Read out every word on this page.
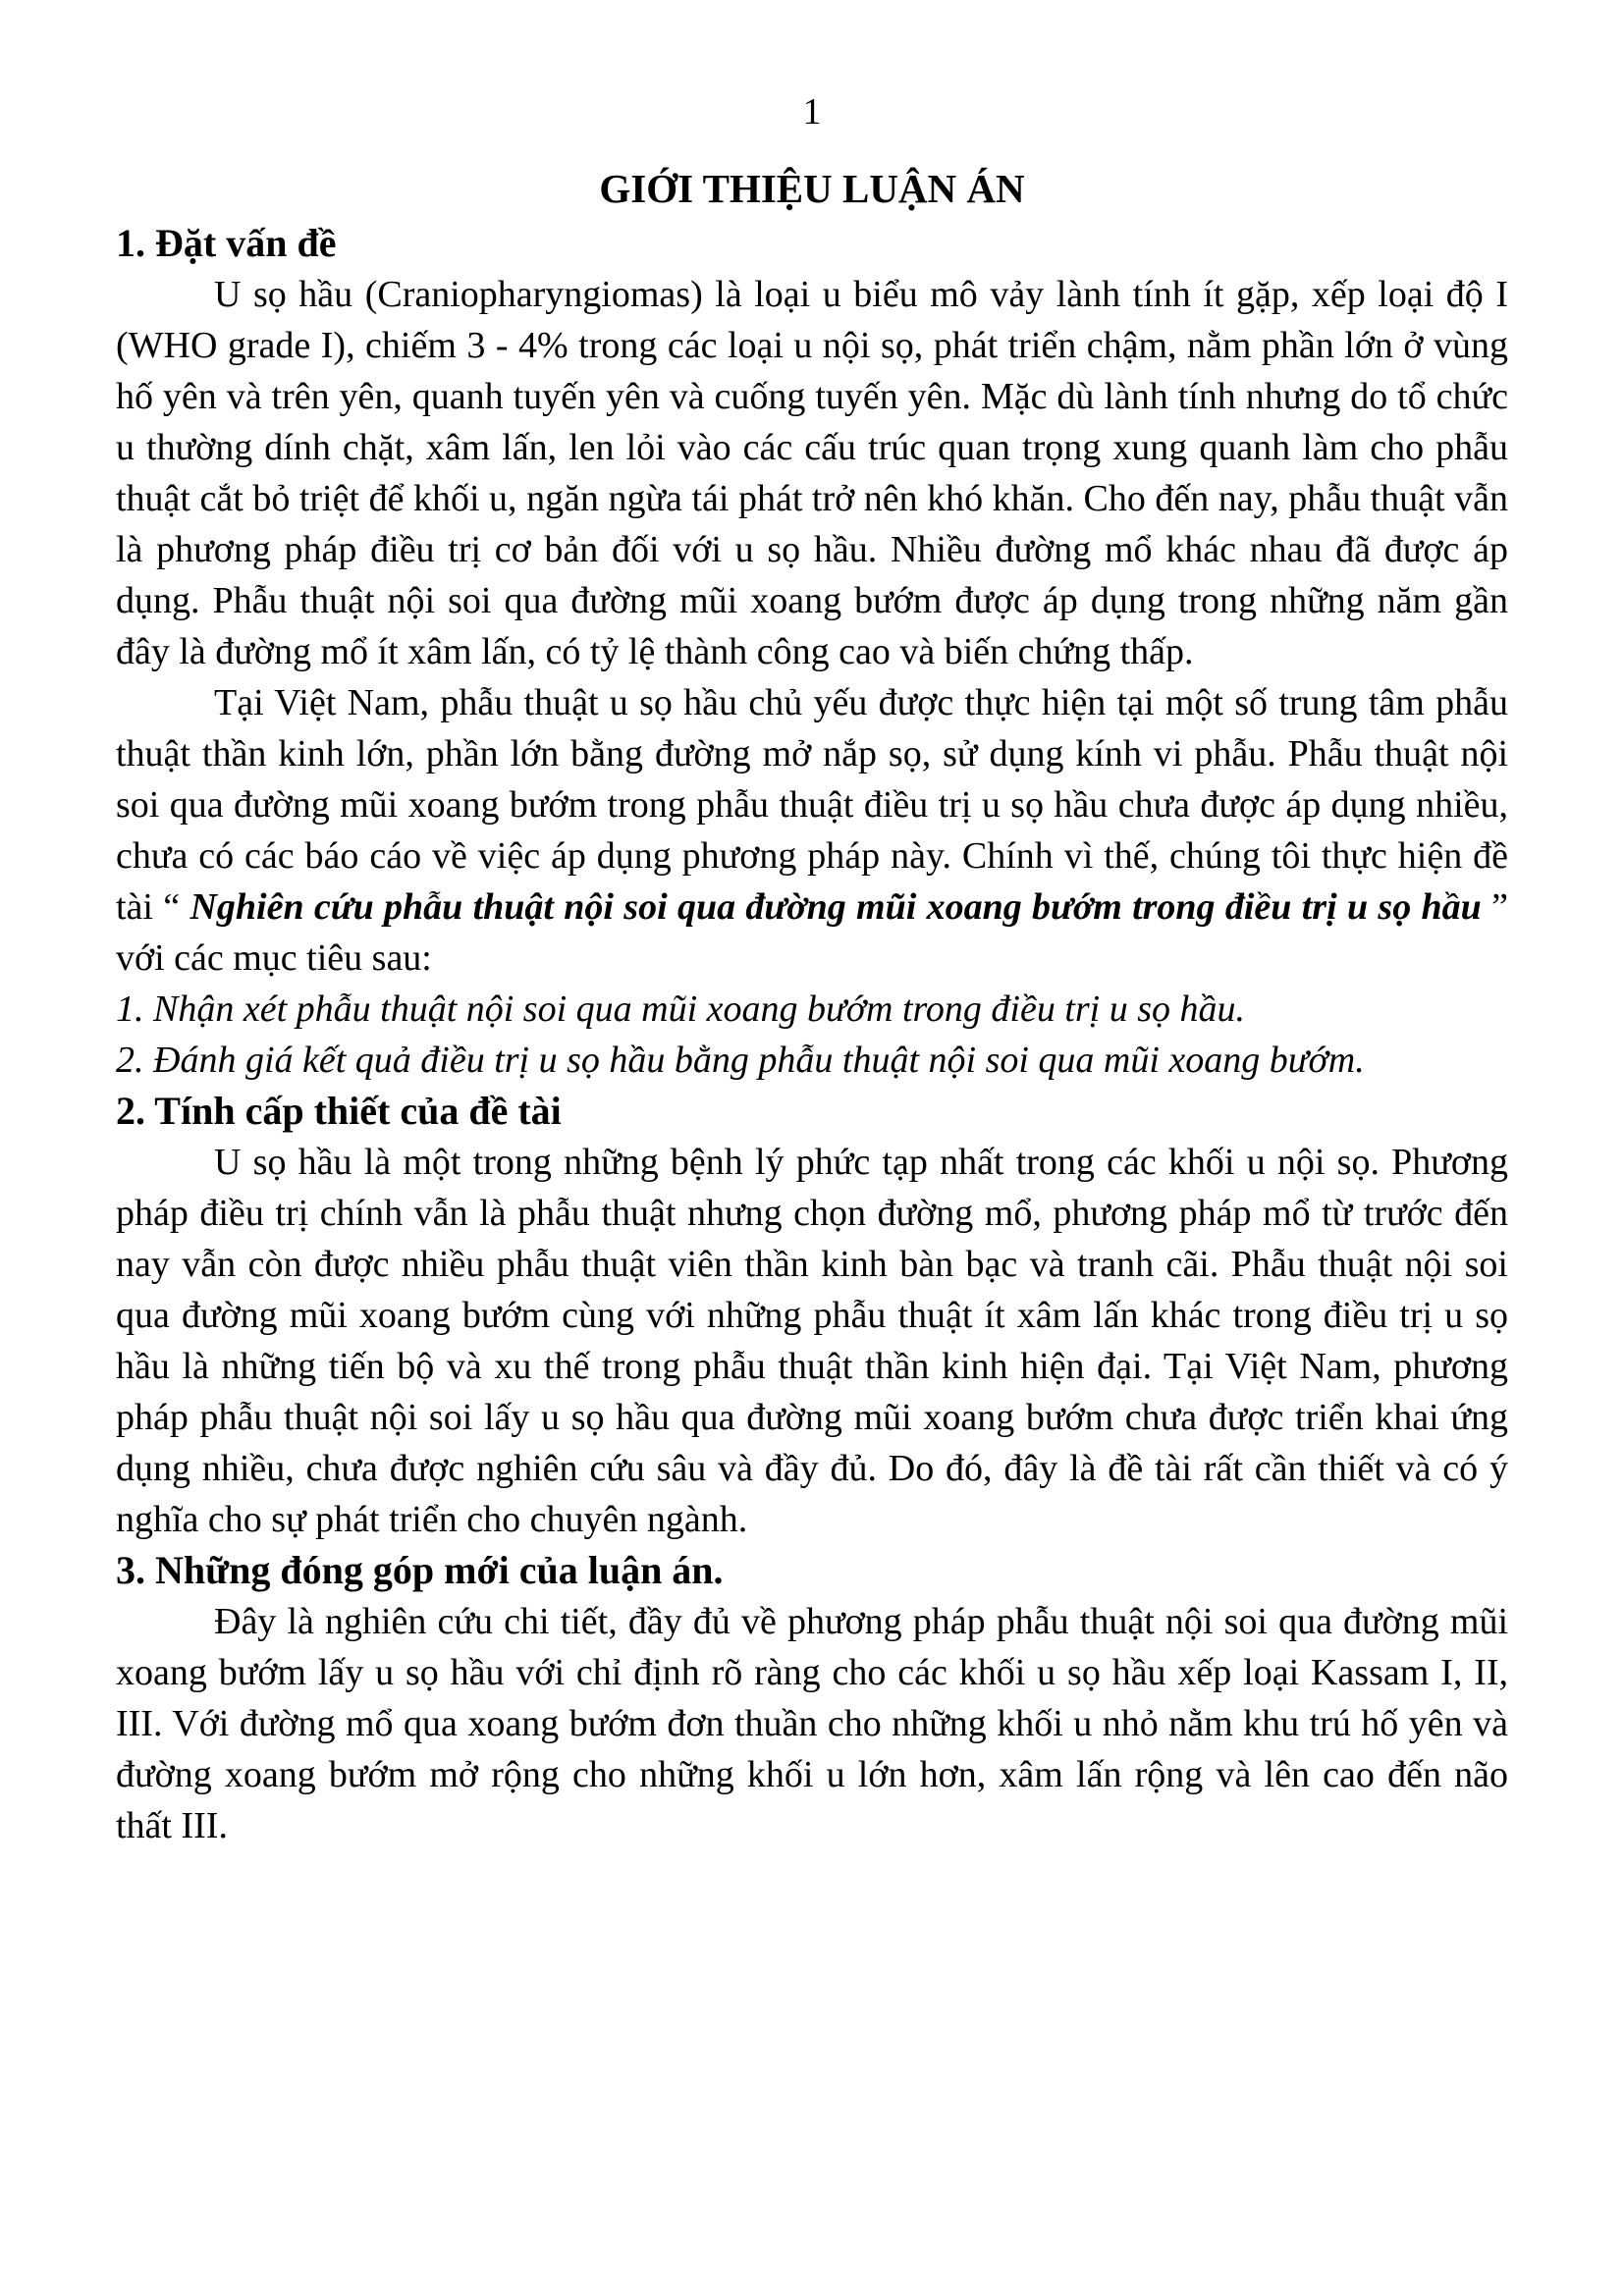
1
GIỚI THIỆU LUẬN ÁN
1. Đặt vấn đề

U sọ hầu (Craniopharyngiomas) là loại u biểu mô vảy lành tính ít gặp, xếp loại độ I (WHO grade I), chiếm 3 - 4% trong các loại u nội sọ, phát triển chậm, nằm phần lớn ở vùng hố yên và trên yên, quanh tuyến yên và cuống tuyến yên. Mặc dù lành tính nhưng do tổ chức u thường dính chặt, xâm lấn, len lỏi vào các cấu trúc quan trọng xung quanh làm cho phẫu thuật cắt bỏ triệt để khối u, ngăn ngừa tái phát trở nên khó khăn. Cho đến nay, phẫu thuật vẫn là phương pháp điều trị cơ bản đối với u sọ hầu. Nhiều đường mổ khác nhau đã được áp dụng. Phẫu thuật nội soi qua đường mũi xoang bướm được áp dụng trong những năm gần đây là đường mổ ít xâm lấn, có tỷ lệ thành công cao và biến chứng thấp.

Tại Việt Nam, phẫu thuật u sọ hầu chủ yếu được thực hiện tại một số trung tâm phẫu thuật thần kinh lớn, phần lớn bằng đường mở nắp sọ, sử dụng kính vi phẫu. Phẫu thuật nội soi qua đường mũi xoang bướm trong phẫu thuật điều trị u sọ hầu chưa được áp dụng nhiều, chưa có các báo cáo về việc áp dụng phương pháp này. Chính vì thế, chúng tôi thực hiện đề tài “ Nghiên cứu phẫu thuật nội soi qua đường mũi xoang bướm trong điều trị u sọ hầu ” với các mục tiêu sau:

1. Nhận xét phẫu thuật nội soi qua mũi xoang bướm trong điều trị u sọ hầu.

2. Đánh giá kết quả điều trị u sọ hầu bằng phẫu thuật nội soi qua mũi xoang bướm.

2. Tính cấp thiết của đề tài

U sọ hầu là một trong những bệnh lý phức tạp nhất trong các khối u nội sọ. Phương pháp điều trị chính vẫn là phẫu thuật nhưng chọn đường mổ, phương pháp mổ từ trước đến nay vẫn còn được nhiều phẫu thuật viên thần kinh bàn bạc và tranh cãi. Phẫu thuật nội soi qua đường mũi xoang bướm cùng với những phẫu thuật ít xâm lấn khác trong điều trị u sọ hầu là những tiến bộ và xu thế trong phẫu thuật thần kinh hiện đại. Tại Việt Nam, phương pháp phẫu thuật nội soi lấy u sọ hầu qua đường mũi xoang bướm chưa được triển khai ứng dụng nhiều, chưa được nghiên cứu sâu và đầy đủ. Do đó, đây là đề tài rất cần thiết và có ý nghĩa cho sự phát triển cho chuyên ngành.

3. Những đóng góp mới của luận án.

Đây là nghiên cứu chi tiết, đầy đủ về phương pháp phẫu thuật nội soi qua đường mũi xoang bướm lấy u sọ hầu với chỉ định rõ ràng cho các khối u sọ hầu xếp loại Kassam I, II, III. Với đường mổ qua xoang bướm đơn thuần cho những khối u nhỏ nằm khu trú hố yên và đường xoang bướm mở rộng cho những khối u lớn hơn, xâm lấn rộng và lên cao đến não thất III.
